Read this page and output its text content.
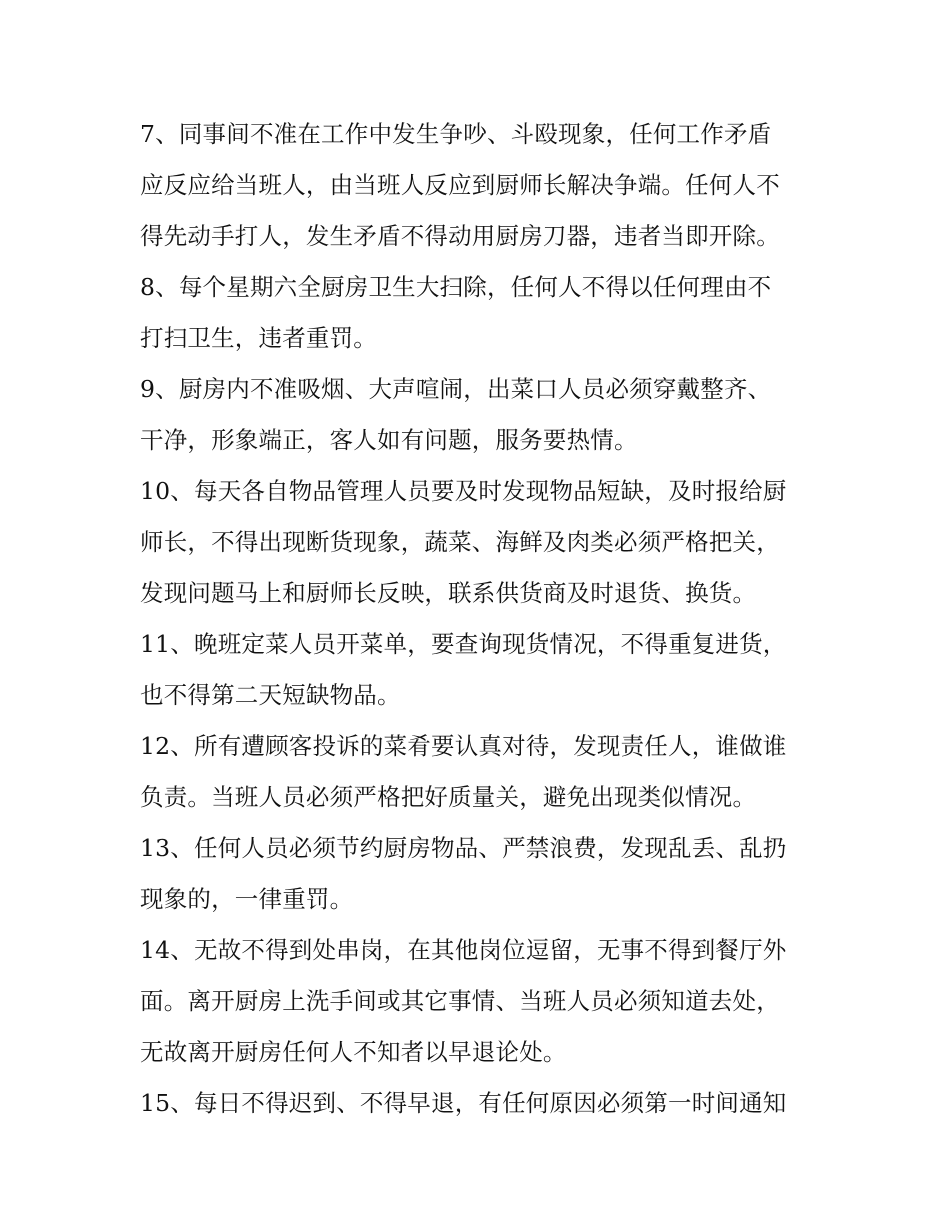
7、同事间不准在工作中发生争吵、斗殴现象，任何工作矛盾
应反应给当班人，由当班人反应到厨师长解决争端。任何人不
得先动手打人，发生矛盾不得动用厨房刀器，违者当即开除。
8、每个星期六全厨房卫生大扫除，任何人不得以任何理由不
打扫卫生，违者重罚。
9、厨房内不准吸烟、大声喧闹，出菜口人员必须穿戴整齐、
干净，形象端正，客人如有问题，服务要热情。
10、每天各自物品管理人员要及时发现物品短缺，及时报给厨
师长，不得出现断货现象，蔬菜、海鲜及肉类必须严格把关，
发现问题马上和厨师长反映，联系供货商及时退货、换货。
11、晚班定菜人员开菜单，要查询现货情况，不得重复进货，
也不得第二天短缺物品。
12、所有遭顾客投诉的菜肴要认真对待，发现责任人，谁做谁
负责。当班人员必须严格把好质量关，避免出现类似情况。
13、任何人员必须节约厨房物品、严禁浪费，发现乱丢、乱扔
现象的，一律重罚。
14、无故不得到处串岗，在其他岗位逗留，无事不得到餐厅外
面。离开厨房上洗手间或其它事情、当班人员必须知道去处，
无故离开厨房任何人不知者以早退论处。
15、每日不得迟到、不得早退，有任何原因必须第一时间通知
